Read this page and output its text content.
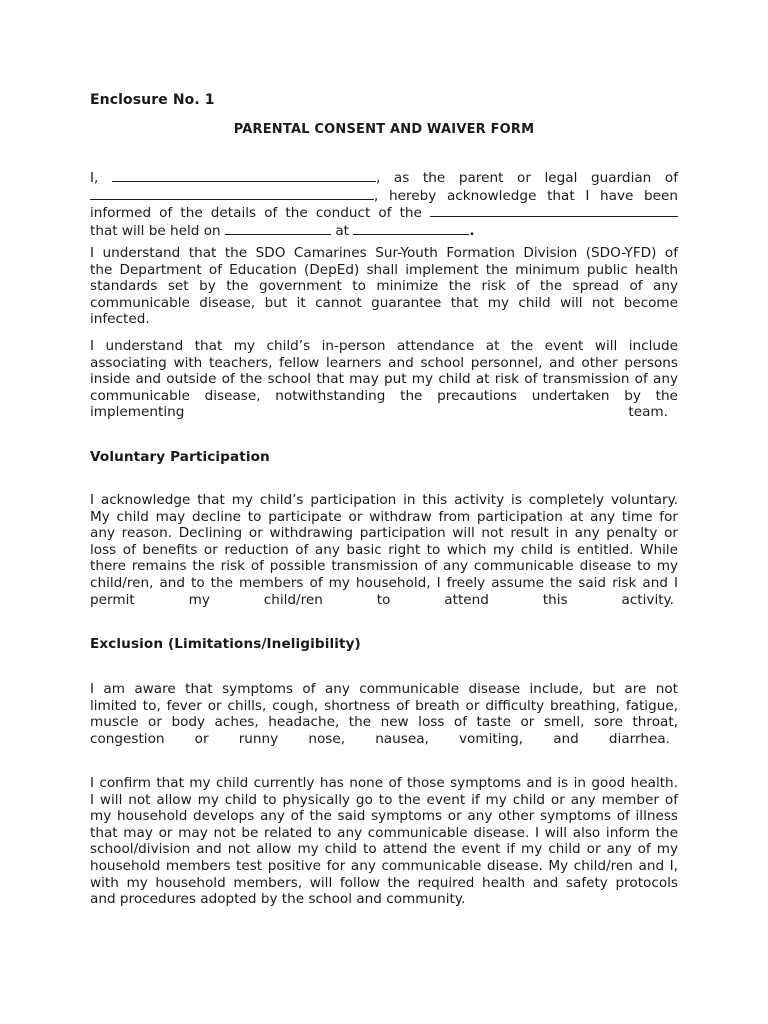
Enclosure No. 1
PARENTAL CONSENT AND WAIVER FORM
I,	, as the parent or legal guardian of
, hereby acknowledge that I have been
informed of the details of the conduct of the
that will be held on	at	.
I understand that the SDO Camarines Sur-Youth Formation Division (SDO-YFD) of
the Department of Education (DepEd) shall implement the minimum public health
standards set by the government to minimize the risk of the spread of any
communicable disease, but it cannot guarantee that my child will not become
infected.
I understand that my child’s in-person attendance at the event will include
associating with teachers, fellow learners and school personnel, and other persons
inside and outside of the school that may put my child at risk of transmission of any
communicable disease, notwithstanding the precautions undertaken by the
implementing team.
Voluntary Participation
I acknowledge that my child’s participation in this activity is completely voluntary.
My child may decline to participate or withdraw from participation at any time for
any reason. Declining or withdrawing participation will not result in any penalty or
loss of benefits or reduction of any basic right to which my child is entitled. While
there remains the risk of possible transmission of any communicable disease to my
child/ren, and to the members of my household, I freely assume the said risk and I
permit my child/ren to attend this activity.
Exclusion (Limitations/Ineligibility)
I am aware that symptoms of any communicable disease include, but are not
limited to, fever or chills, cough, shortness of breath or difficulty breathing, fatigue,
muscle or body aches, headache, the new loss of taste or smell, sore throat,
congestion or runny nose, nausea, vomiting, and diarrhea.
I confirm that my child currently has none of those symptoms and is in good health.
I will not allow my child to physically go to the event if my child or any member of
my household develops any of the said symptoms or any other symptoms of illness
that may or may not be related to any communicable disease. I will also inform the
school/division and not allow my child to attend the event if my child or any of my
household members test positive for any communicable disease. My child/ren and I,
with my household members, will follow the required health and safety protocols
and procedures adopted by the school and community.
